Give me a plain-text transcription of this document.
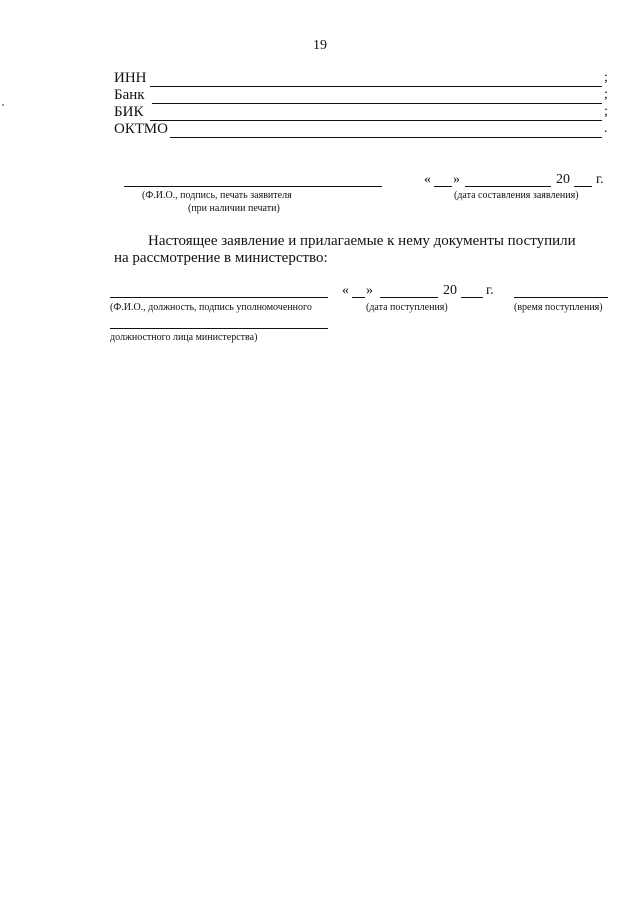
19
ИНН	;
Банк	;
БИК	;
ОКТМО	.
(Ф.И.О., подпись, печать заявителя
(при наличии печати)
« »	20 г.
(дата составления заявления)
Настоящее заявление и прилагаемые к нему документы поступили
на рассмотрение в министерство:
(Ф.И.О., должность, подпись уполномоченного
должностного лица министерства)
« »	20 г.
(дата поступления)	(время поступления)
